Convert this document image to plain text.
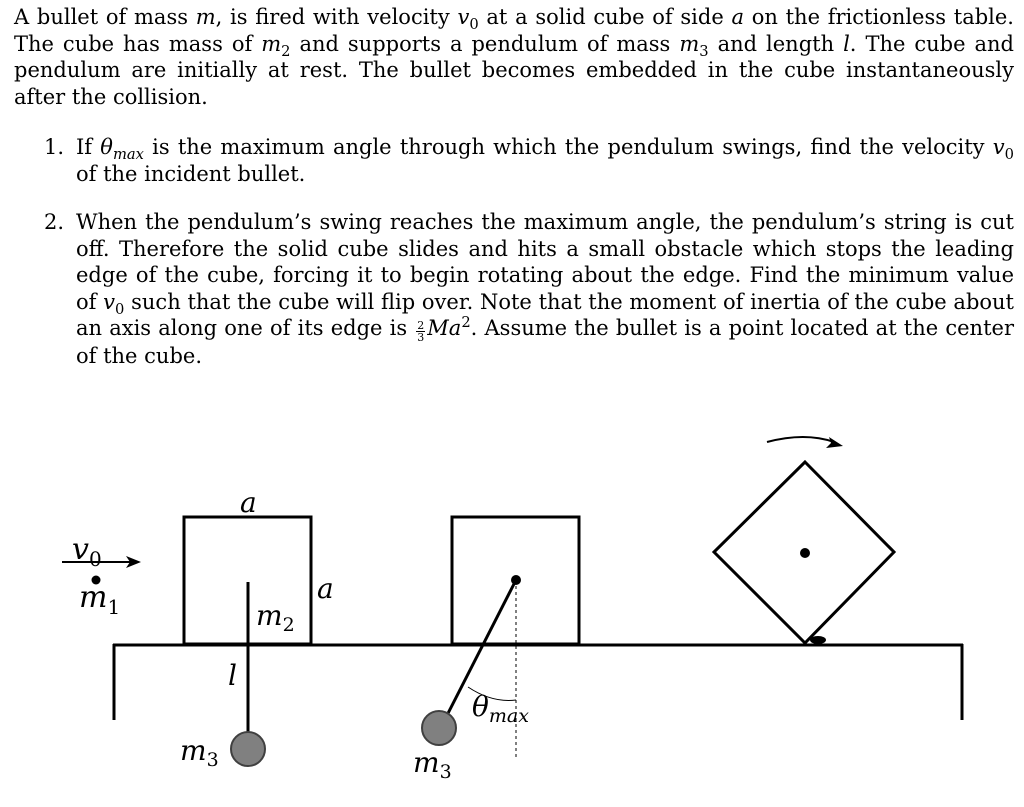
A bullet of mass m, is fired with velocity $v_0$ at a solid cube of side a on the frictionless table. The cube has mass of $m_2$ and supports a pendulum of mass $m_3$ and length l. The cube and pendulum are initially at rest. The bullet becomes embedded in the cube instantaneously after the collision.

1. If $\theta_{max}$ is the maximum angle through which the pendulum swings, find the velocity $v_0$ of the incident bullet.
2. When the pendulum’s swing reaches the maximum angle, the pendulum’s string is cut off. Therefore the solid cube slides and hits a small obstacle which stops the leading edge of the cube, forcing it to begin rotating about the edge. Find the minimum value of $v_0$ such that the cube will flip over. Note that the moment of inertia of the cube about an axis along one of its edge is $\frac{2}{3} Ma^2$. Assume the bullet is a point located at the center of the cube.
$v_0$
$m_1$
a
a
$m_2$
l
$m_3$
$\theta_{max}$
$m_3$
